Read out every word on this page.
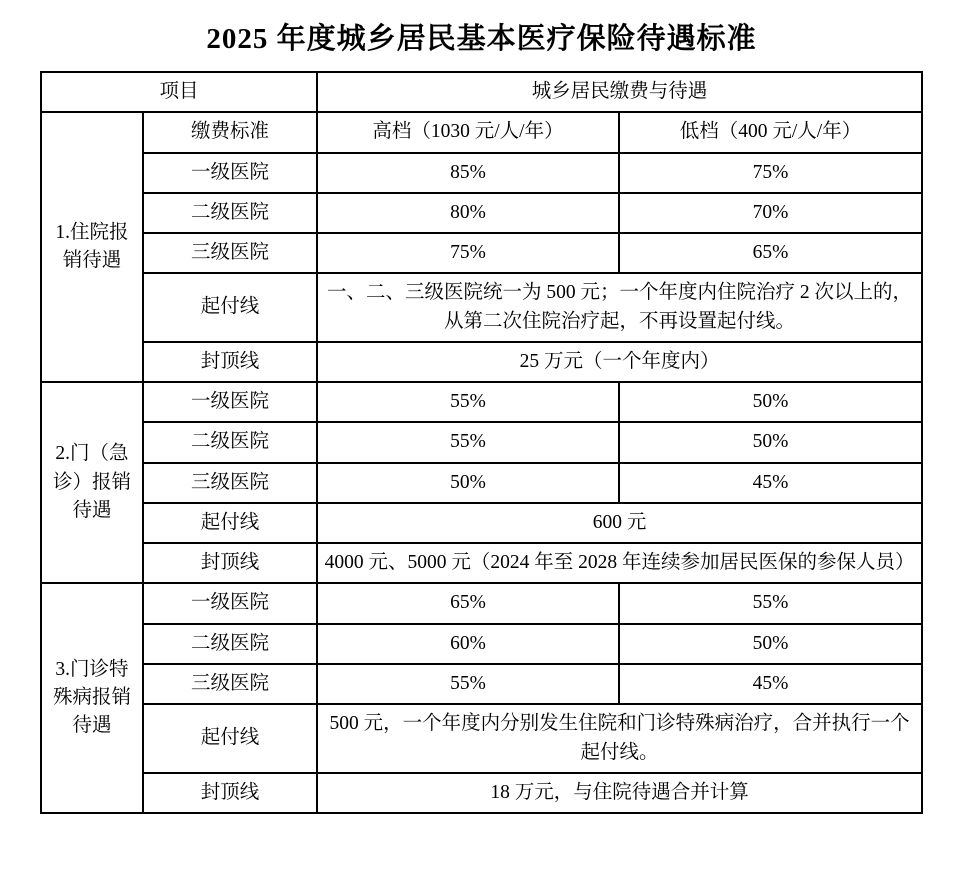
2025 年度城乡居民基本医疗保险待遇标准
项目		城乡居民缴费与待遇	
1.住院报销待遇	缴费标准	高档（1030 元/人/年）	低档（400 元/人/年）
	一级医院	85%	75%
	二级医院	80%	70%
	三级医院	75%	65%
	起付线	一、二、三级医院统一为 500 元；一个年度内住院治疗 2 次以上的，从第二次住院治疗起，不再设置起付线。	
	封顶线	25 万元（一个年度内）	
2.门（急诊）报销待遇	一级医院	55%	50%
	二级医院	55%	50%
	三级医院	50%	45%
	起付线	600 元	
	封顶线	4000 元、5000 元（2024 年至 2028 年连续参加居民医保的参保人员）	
3.门诊特殊病报销待遇	一级医院	65%	55%
	二级医院	60%	50%
	三级医院	55%	45%
	起付线	500 元，一个年度内分别发生住院和门诊特殊病治疗，合并执行一个起付线。	
	封顶线	18 万元，与住院待遇合并计算	
